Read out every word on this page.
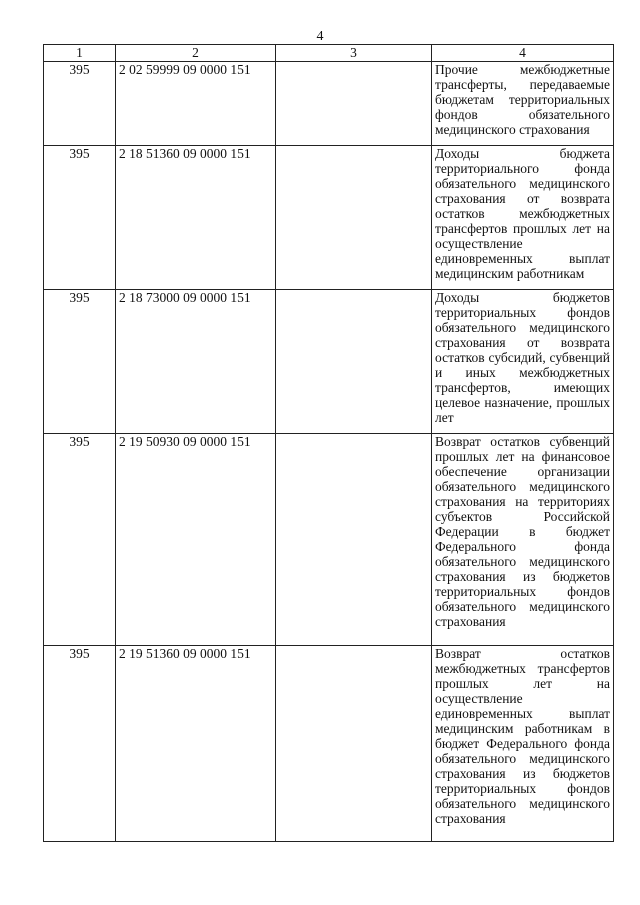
4
1	2	3	4
395	2 02 59999 09 0000 151		Прочие межбюджетные трансферты, передаваемые бюджетам территориальных фондов обязательного медицинского страхования
395	2 18 51360 09 0000 151		Доходы бюджета территориального фонда обязательного медицинского страхования от возврата остатков межбюджетных трансфертов прошлых лет на осуществление единовременных выплат медицинским работникам
395	2 18 73000 09 0000 151		Доходы бюджетов территориальных фондов обязательного медицинского страхования от возврата остатков субсидий, субвенций и иных межбюджетных трансфертов, имеющих целевое назначение, прошлых лет
395	2 19 50930 09 0000 151		Возврат остатков субвенций прошлых лет на финансовое обеспечение организации обязательного медицинского страхования на территориях субъектов Российской Федерации в бюджет Федерального фонда обязательного медицинского страхования из бюджетов территориальных фондов обязательного медицинского страхования
395	2 19 51360 09 0000 151		Возврат остатков межбюджетных трансфертов прошлых лет на осуществление единовременных выплат медицинским работникам в бюджет Федерального фонда обязательного медицинского страхования из бюджетов территориальных фондов обязательного медицинского страхования
